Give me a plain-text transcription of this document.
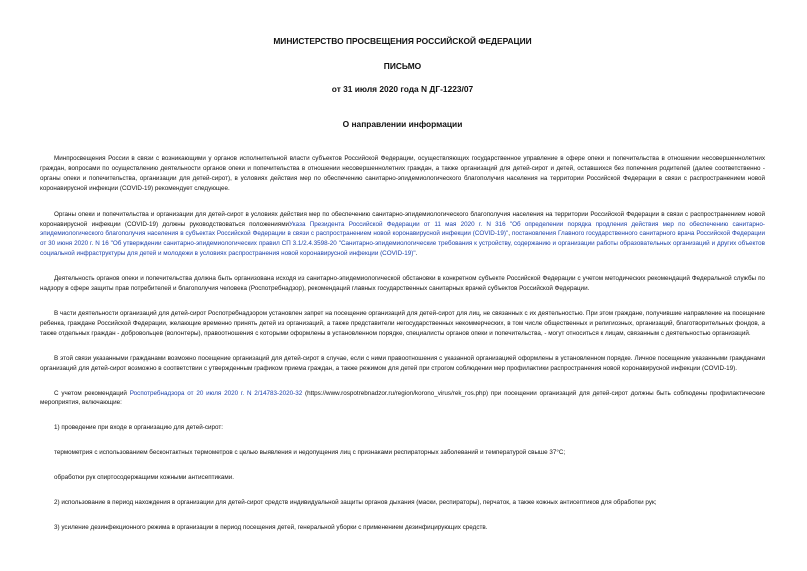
МИНИСТЕРСТВО ПРОСВЕЩЕНИЯ РОССИЙСКОЙ ФЕДЕРАЦИИ

ПИСЬМО

от 31 июля 2020 года N ДГ-1223/07

О направлении информации

Минпросвещения России в связи с возникающими у органов исполнительной власти субъектов Российской Федерации, осуществляющих государственное управление в сфере опеки и попечительства в отношении несовершеннолетних граждан, вопросами по осуществлению деятельности органов опеки и попечительства в отношении несовершеннолетних граждан, а также организаций для детей-сирот и детей, оставшихся без попечения родителей (далее соответственно - органы опеки и попечительства, организации для детей-сирот), в условиях действия мер по обеспечению санитарно-эпидемиологического благополучия населения на территории Российской Федерации в связи с распространением новой коронавирусной инфекции (COVID-19) рекомендует следующее.

Органы опеки и попечительства и организации для детей-сирот в условиях действия мер по обеспечению санитарно-эпидемиологического благополучия населения на территории Российской Федерации в связи с распространением новой коронавирусной инфекции (COVID-19) должны руководствоваться положениямиУказа Президента Российской Федерации от 11 мая 2020 г. N 316 "Об определении порядка продления действия мер по обеспечению санитарно-эпидемиологического благополучия населения в субъектах Российской Федерации в связи с распространением новой коронавирусной инфекции (COVID-19)", постановления Главного государственного санитарного врача Российской Федерации от 30 июня 2020 г. N 16 "Об утверждении санитарно-эпидемиологических правил СП 3.1/2.4.3598-20 "Санитарно-эпидемиологические требования к устройству, содержанию и организации работы образовательных организаций и других объектов социальной инфраструктуры для детей и молодежи в условиях распространения новой коронавирусной инфекции (COVID-19)".

Деятельность органов опеки и попечительства должна быть организована исходя из санитарно-эпидемиологической обстановки в конкретном субъекте Российской Федерации с учетом методических рекомендаций Федеральной службы по надзору в сфере защиты прав потребителей и благополучия человека (Роспотребнадзор), рекомендаций главных государственных санитарных врачей субъектов Российской Федерации.

В части деятельности организаций для детей-сирот Роспотребнадзором установлен запрет на посещение организаций для детей-сирот для лиц, не связанных с их деятельностью. При этом граждане, получившие направление на посещение ребенка, граждане Российской Федерации, желающие временно принять детей из организаций, а также представители негосударственных некоммерческих, в том числе общественных и религиозных, организаций, благотворительных фондов, а также отдельных граждан - добровольцев (волонтеры), правоотношения с которыми оформлены в установленном порядке, специалисты органов опеки и попечительства, - могут относиться к лицам, связанным с деятельностью организаций.

В этой связи указанными гражданами возможно посещение организаций для детей-сирот в случае, если с ними правоотношения с указанной организацией оформлены в установленном порядке. Личное посещение указанными гражданами организаций для детей-сирот возможно в соответствии с утвержденным графиком приема граждан, а также режимом для детей при строгом соблюдении мер профилактики распространения новой коронавирусной инфекции (COVID-19).

С учетом рекомендаций Роспотребнадзора от 20 июля 2020 г. N 2/14783-2020-32 (https://www.rospotrebnadzor.ru/region/korono_virus/rek_ros.php) при посещении организаций для детей-сирот должны быть соблюдены профилактические мероприятия, включающие:

1) проведение при входе в организацию для детей-сирот:

термометрия с использованием бесконтактных термометров с целью выявления и недопущения лиц с признаками респираторных заболеваний и температурой свыше 37°С;

обработки рук спиртосодержащими кожными антисептиками.

2) использование в период нахождения в организации для детей-сирот средств индивидуальной защиты органов дыхания (маски, респираторы), перчаток, а также кожных антисептиков для обработки рук;

3) усиление дезинфекционного режима в организации в период посещения детей, генеральной уборки с применением дезинфицирующих средств.
